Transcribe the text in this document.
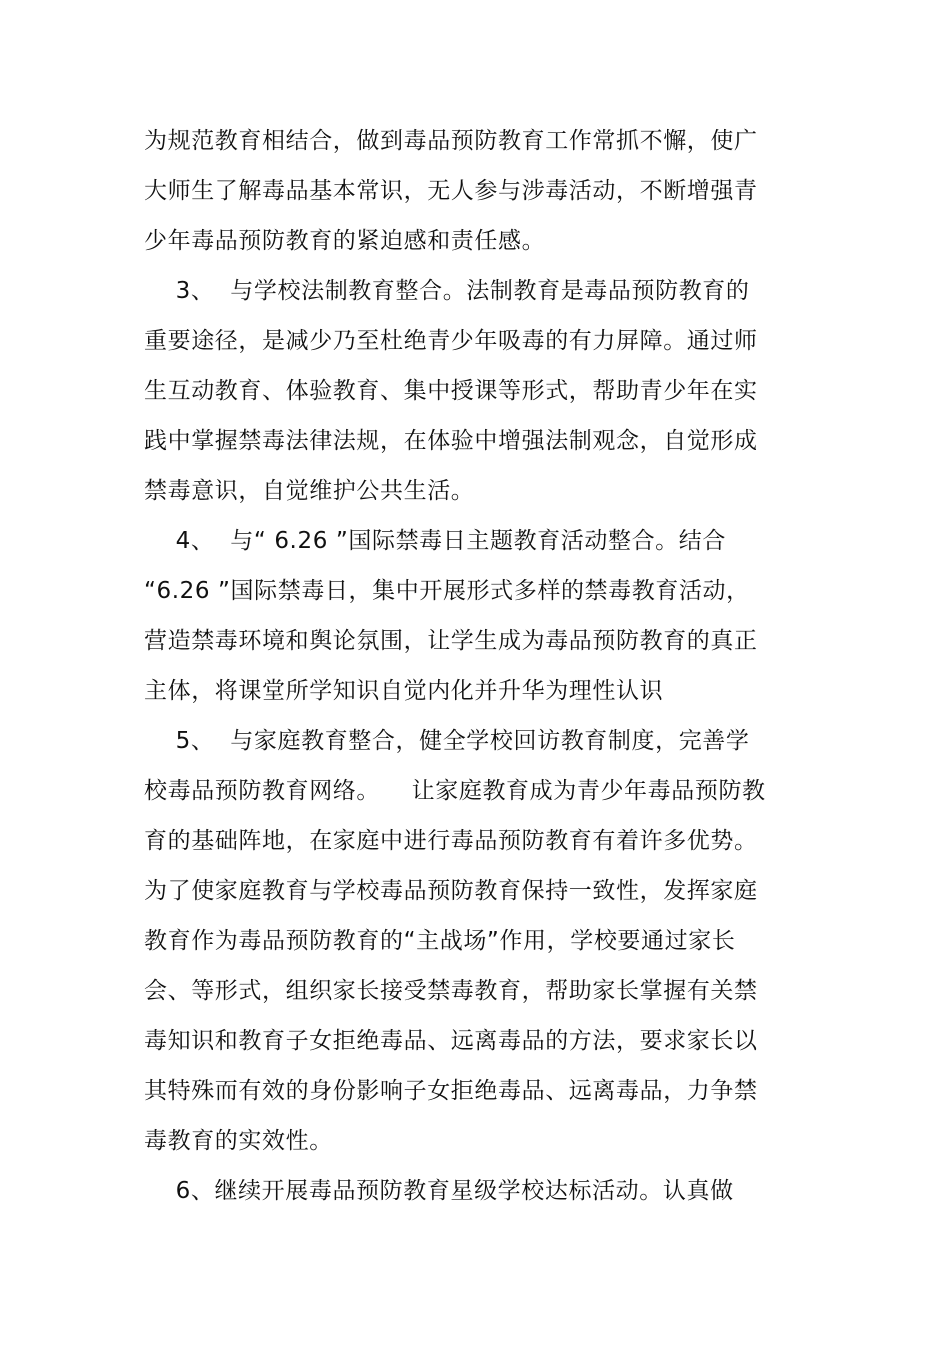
为规范教育相结合，做到毒品预防教育工作常抓不懈，使广
大师生了解毒品基本常识，无人参与涉毒活动，不断增强青
少年毒品预防教育的紧迫感和责任感。
3、  与学校法制教育整合。法制教育是毒品预防教育的
重要途径，是减少乃至杜绝青少年吸毒的有力屏障。通过师
生互动教育、体验教育、集中授课等形式，帮助青少年在实
践中掌握禁毒法律法规，在体验中增强法制观念，自觉形成
禁毒意识，自觉维护公共生活。
4、  与“ 6.26 ”国际禁毒日主题教育活动整合。结合
“6.26 ”国际禁毒日，集中开展形式多样的禁毒教育活动，
营造禁毒环境和舆论氛围，让学生成为毒品预防教育的真正
主体，将课堂所学知识自觉内化并升华为理性认识
5、  与家庭教育整合，健全学校回访教育制度，完善学
校毒品预防教育网络。    让家庭教育成为青少年毒品预防教
育的基础阵地，在家庭中进行毒品预防教育有着许多优势。
为了使家庭教育与学校毒品预防教育保持一致性，发挥家庭
教育作为毒品预防教育的“主战场”作用，学校要通过家长
会、等形式，组织家长接受禁毒教育，帮助家长掌握有关禁
毒知识和教育子女拒绝毒品、远离毒品的方法，要求家长以
其特殊而有效的身份影响子女拒绝毒品、远离毒品，力争禁
毒教育的实效性。
6、继续开展毒品预防教育星级学校达标活动。认真做
